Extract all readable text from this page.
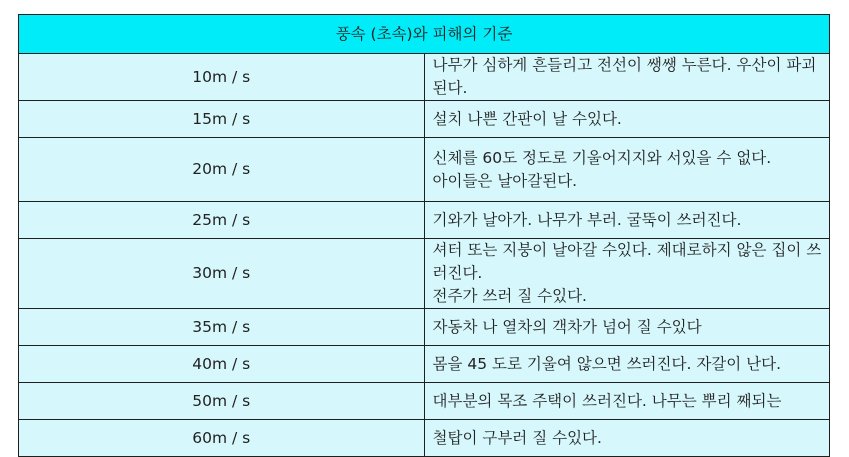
풍속 (초속)와 피해의 기준	
10m / s	나무가 심하게 흔들리고 전선이 쌩쌩 누른다. 우산이 파괴된다.

15m / s	설치 나쁜 간판이 날 수있다.

20m / s	신체를 60도 정도로 기울어지지와 서있을 수 없다.
아이들은 날아갈된다.

25m / s	기와가 날아가. 나무가 부러. 굴뚝이 쓰러진다.

30m / s	셔터 또는 지붕이 날아갈 수있다. 제대로하지 않은 집이 쓰러진다.
전주가 쓰러 질 수있다.

35m / s	자동차 나 열차의 객차가 넘어 질 수있다

40m / s	몸을 45 도로 기울여 않으면 쓰러진다. 자갈이 난다.

50m / s	대부분의 목조 주택이 쓰러진다. 나무는 뿌리 째되는

60m / s	철탑이 구부러 질 수있다.
